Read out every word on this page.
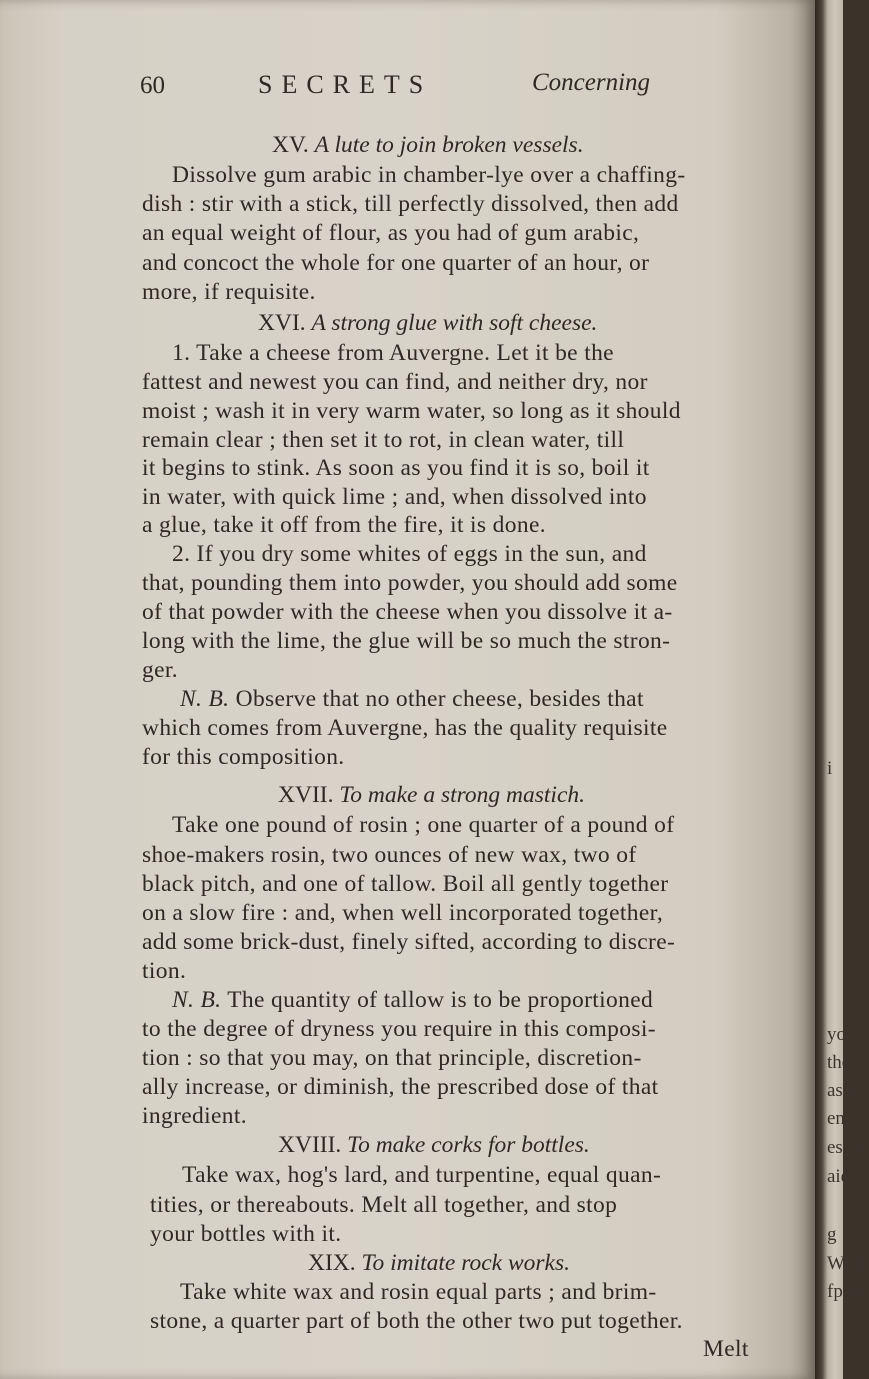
60	SECRETS	Concerning
XV. A lute to join broken vessels.
Dissolve gum arabic in chamber-lye over a chaffing-
dish : stir with a stick, till perfectly dissolved, then add
an equal weight of flour, as you had of gum arabic,
and concoct the whole for one quarter of an hour, or
more, if requisite.
XVI. A strong glue with soft cheese.
1. Take a cheese from Auvergne. Let it be the
fattest and newest you can find, and neither dry, nor
moist ; wash it in very warm water, so long as it should
remain clear ; then set it to rot, in clean water, till
it begins to stink. As soon as you find it is so, boil it
in water, with quick lime ; and, when dissolved into
a glue, take it off from the fire, it is done.
2. If you dry some whites of eggs in the sun, and
that, pounding them into powder, you should add some
of that powder with the cheese when you dissolve it a-
long with the lime, the glue will be so much the stron-
ger.
N. B. Observe that no other cheese, besides that
which comes from Auvergne, has the quality requisite
for this composition.
XVII. To make a strong mastich.
Take one pound of rosin ; one quarter of a pound of
shoe-makers rosin, two ounces of new wax, two of
black pitch, and one of tallow. Boil all gently together
on a slow fire : and, when well incorporated together,
add some brick-dust, finely sifted, according to discre-
tion.
N. B. The quantity of tallow is to be proportioned
to the degree of dryness you require in this composi-
tion : so that you may, on that principle, discretion-
ally increase, or diminish, the prescribed dose of that
ingredient.
XVIII. To make corks for bottles.
Take wax, hog's lard, and turpentine, equal quan-
tities, or thereabouts. Melt all together, and stop
your bottles with it.
XIX. To imitate rock works.
Take white wax and rosin equal parts ; and brim-
stone, a quarter part of both the other two put together.
Melt
i
yo
the
as a
en yo
es, a
aid,
g
With
fpon
